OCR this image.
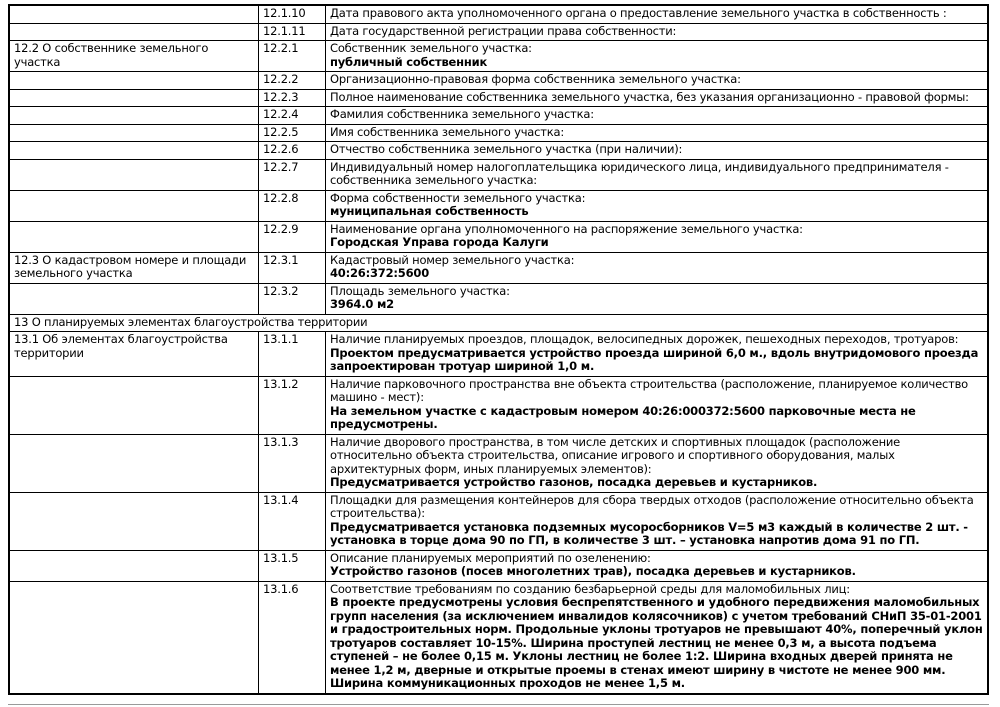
	12.1.10	Дата правового акта уполномоченного органа о предоставление земельного участка в собственность :

	12.1.11	Дата государственной регистрации права собственности:

12.2 О собственнике земельного участка	12.2.1	Собственник земельного участка:
публичный собственник

	12.2.2	Организационно-правовая форма собственника земельного участка:

	12.2.3	Полное наименование собственника земельного участка, без указания организационно - правовой формы:

	12.2.4	Фамилия собственника земельного участка:

	12.2.5	Имя собственника земельного участка:

	12.2.6	Отчество собственника земельного участка (при наличии):

	12.2.7	Индивидуальный номер налогоплательщика юридического лица, индивидуального предпринимателя - собственника земельного участка:

	12.2.8	Форма собственности земельного участка:
муниципальная собственность

	12.2.9	Наименование органа уполномоченного на распоряжение земельного участка:
Городская Управа города Калуги

12.3 О кадастровом номере и площади земельного участка	12.3.1	Кадастровый номер земельного участка:
40:26:372:5600

	12.3.2	Площадь земельного участка:
3964.0 м2

13 О планируемых элементах благоустройства территории		
13.1 Об элементах благоустройства территории	13.1.1	Наличие планируемых проездов, площадок, велосипедных дорожек, пешеходных переходов, тротуаров:
Проектом предусматривается устройство проезда шириной 6,0 м., вдоль внутридомового проезда запроектирован тротуар шириной 1,0 м.

	13.1.2	Наличие парковочного пространства вне объекта строительства (расположение, планируемое количество машино - мест):
На земельном участке с кадастровым номером 40:26:000372:5600 парковочные места не предусмотрены.

	13.1.3	Наличие дворового пространства, в том числе детских и спортивных площадок (расположение относительно объекта строительства, описание игрового и спортивного оборудования, малых архитектурных форм, иных планируемых элементов):
Предусматривается устройство газонов, посадка деревьев и кустарников.

	13.1.4	Площадки для размещения контейнеров для сбора твердых отходов (расположение относительно объекта строительства):
Предусматривается установка подземных мусоросборников V=5 м3 каждый в количестве 2 шт. - установка в торце дома 90 по ГП, в количестве 3 шт. – установка напротив дома 91 по ГП.

	13.1.5	Описание планируемых мероприятий по озеленению:
Устройство газонов (посев многолетних трав), посадка деревьев и кустарников.

	13.1.6	Соответствие требованиям по созданию безбарьерной среды для маломобильных лиц:
В проекте предусмотрены условия беспрепятственного и удобного передвижения маломобильных групп населения (за исключением инвалидов колясочников) с учетом требований СНиП 35-01-2001 и градостроительных норм. Продольные уклоны тротуаров не превышают 40%, поперечный уклон тротуаров составляет 10-15%. Ширина проступей лестниц не менее 0,3 м, а высота подъема ступеней – не более 0,15 м. Уклоны лестниц не более 1:2. Ширина входных дверей принята не менее 1,2 м, дверные и открытые проемы в стенах имеют ширину в чистоте не менее 900 мм. Ширина коммуникационных проходов не менее 1,5 м.
